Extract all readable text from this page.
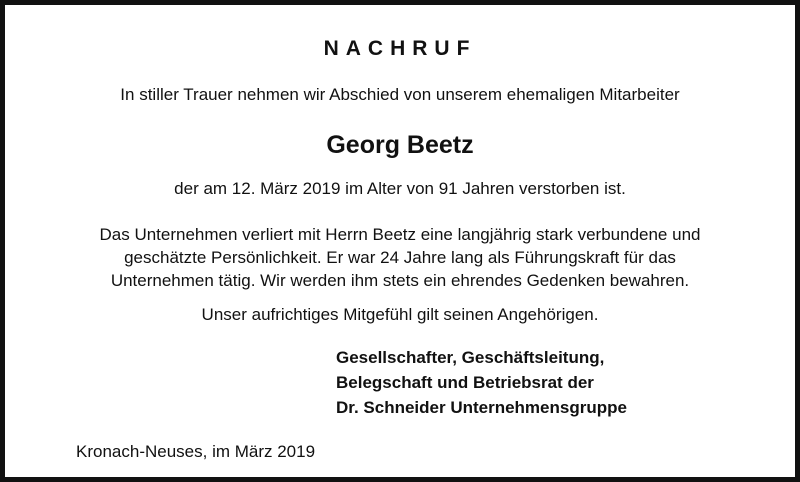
NACHRUF
In stiller Trauer nehmen wir Abschied von unserem ehemaligen Mitarbeiter
Georg Beetz
der am 12. März 2019 im Alter von 91 Jahren verstorben ist.
Das Unternehmen verliert mit Herrn Beetz eine langjährig stark verbundene und
geschätzte Persönlichkeit. Er war 24 Jahre lang als Führungskraft für das
Unternehmen tätig. Wir werden ihm stets ein ehrendes Gedenken bewahren.
Unser aufrichtiges Mitgefühl gilt seinen Angehörigen.
Gesellschafter, Geschäftsleitung,
Belegschaft und Betriebsrat der
Dr. Schneider Unternehmensgruppe
Kronach-Neuses, im März 2019
